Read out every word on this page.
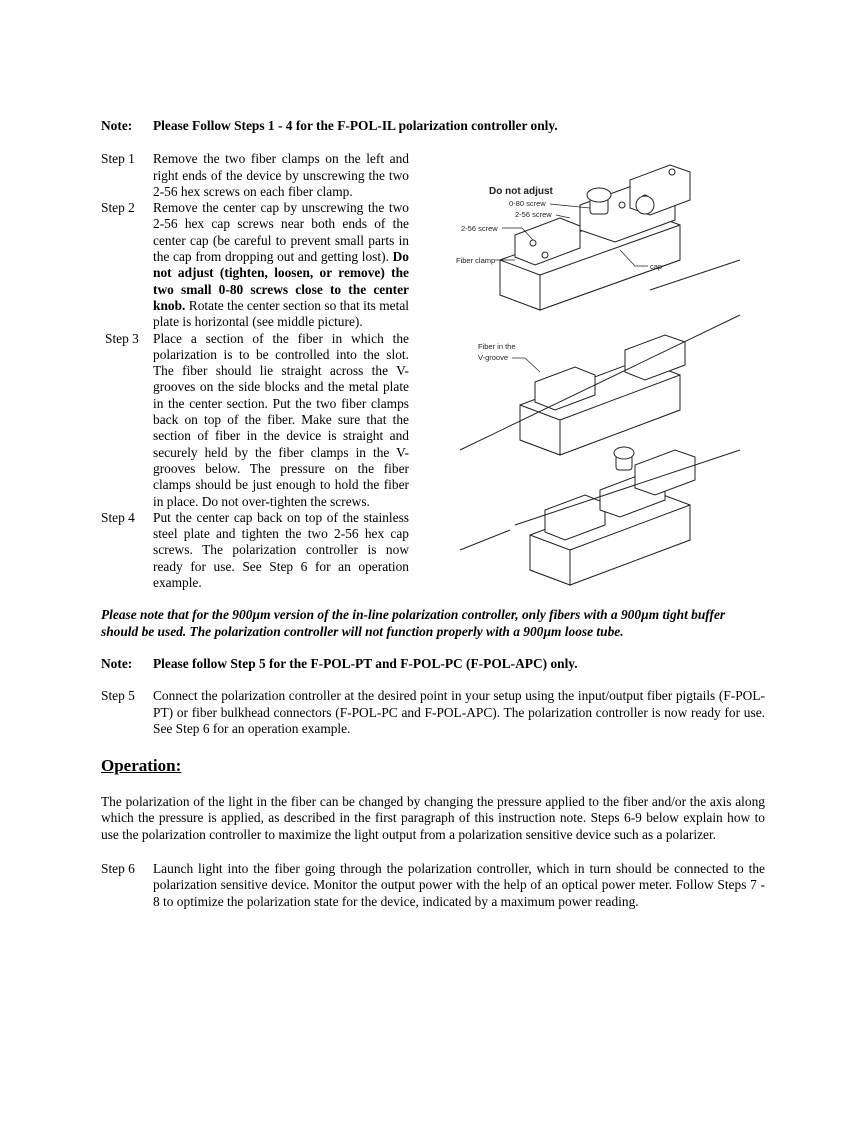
Note: Please Follow Steps 1 - 4 for the F-POL-IL polarization controller only.
Step 1 Remove the two fiber clamps on the left and right ends of the device by unscrewing the two 2-56 hex screws on each fiber clamp.
Step 2 Remove the center cap by unscrewing the two 2-56 hex cap screws near both ends of the center cap (be careful to prevent small parts in the cap from dropping out and getting lost). Do not adjust (tighten, loosen, or remove) the two small 0-80 screws close to the center knob. Rotate the center section so that its metal plate is horizontal (see middle picture).
Step 3 Place a section of the fiber in which the polarization is to be controlled into the slot. The fiber should lie straight across the V-grooves on the side blocks and the metal plate in the center section. Put the two fiber clamps back on top of the fiber. Make sure that the section of fiber in the device is straight and securely held by the fiber clamps in the V-grooves below. The pressure on the fiber clamps should be just enough to hold the fiber in place. Do not over-tighten the screws.
Step 4 Put the center cap back on top of the stainless steel plate and tighten the two 2-56 hex cap screws. The polarization controller is now ready for use. See Step 6 for an operation example.
Do not adjust
0-80 screw
2-56 screw
2-56 screw
Fiber clamp
cap
Fiber in the
V-groove
Please note that for the 900µm version of the in-line polarization controller, only fibers with a 900µm tight buffer should be used. The polarization controller will not function properly with a 900µm loose tube.
Note: Please follow Step 5 for the F-POL-PT and F-POL-PC (F-POL-APC) only.
Step 5 Connect the polarization controller at the desired point in your setup using the input/output fiber pigtails (F-POL-PT) or fiber bulkhead connectors (F-POL-PC and F-POL-APC). The polarization controller is now ready for use. See Step 6 for an operation example.
Operation:
The polarization of the light in the fiber can be changed by changing the pressure applied to the fiber and/or the axis along which the pressure is applied, as described in the first paragraph of this instruction note. Steps 6-9 below explain how to use the polarization controller to maximize the light output from a polarization sensitive device such as a polarizer.
Step 6 Launch light into the fiber going through the polarization controller, which in turn should be connected to the polarization sensitive device. Monitor the output power with the help of an optical power meter. Follow Steps 7 - 8 to optimize the polarization state for the device, indicated by a maximum power reading.
